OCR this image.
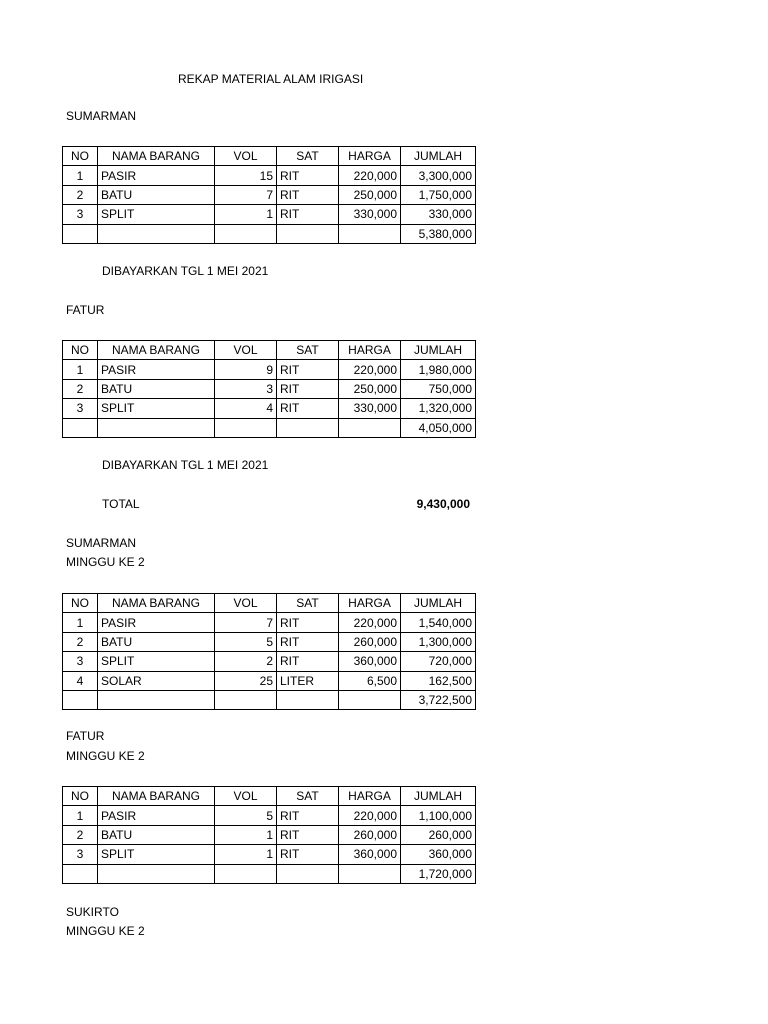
REKAP MATERIAL ALAM IRIGASI
SUMARMAN
NO	NAMA BARANG	VOL	SAT	HARGA	JUMLAH
1	PASIR	15	RIT	220,000	3,300,000
2	BATU	7	RIT	250,000	1,750,000
3	SPLIT	1	RIT	330,000	330,000
					5,380,000
DIBAYARKAN TGL 1 MEI 2021
FATUR
NO	NAMA BARANG	VOL	SAT	HARGA	JUMLAH
1	PASIR	9	RIT	220,000	1,980,000
2	BATU	3	RIT	250,000	750,000
3	SPLIT	4	RIT	330,000	1,320,000
					4,050,000
DIBAYARKAN TGL 1 MEI 2021
TOTAL	9,430,000
SUMARMAN
MINGGU KE 2
NO	NAMA BARANG	VOL	SAT	HARGA	JUMLAH
1	PASIR	7	RIT	220,000	1,540,000
2	BATU	5	RIT	260,000	1,300,000
3	SPLIT	2	RIT	360,000	720,000
4	SOLAR	25	LITER	6,500	162,500
					3,722,500
FATUR
MINGGU KE 2
NO	NAMA BARANG	VOL	SAT	HARGA	JUMLAH
1	PASIR	5	RIT	220,000	1,100,000
2	BATU	1	RIT	260,000	260,000
3	SPLIT	1	RIT	360,000	360,000
					1,720,000
SUKIRTO
MINGGU KE 2
